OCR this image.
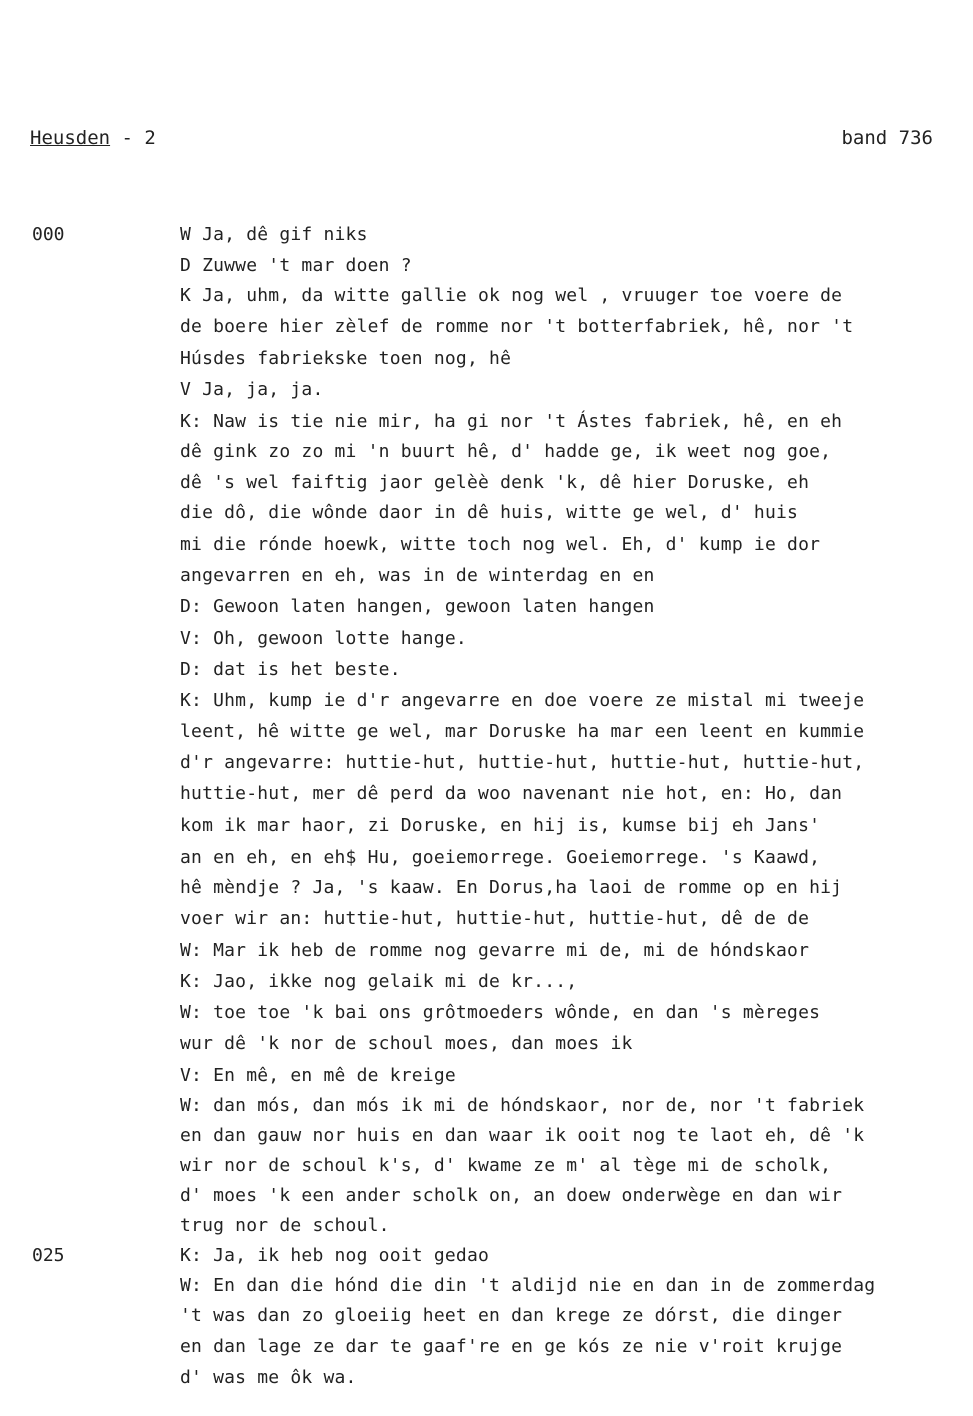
Heusden - 2	band 736
000
025
W Ja, dê gif niks
D Zuwwe 't mar doen ?
K Ja, uhm, da witte gallie ok nog wel , vruuger toe voere de
de boere hier zèlef de romme nor 't botterfabriek, hê, nor 't
Húsdes fabriekske toen nog, hê
V Ja, ja, ja.
K: Naw is tie nie mir, ha gi nor 't Ástes fabriek, hê, en eh
dê gink zo zo mi 'n buurt hê, d' hadde ge, ik weet nog goe,
dê 's wel faiftig jaor gelèè denk 'k, dê hier Doruske, eh
die dô, die wônde daor in dê huis, witte ge wel, d' huis
mi die rónde hoewk, witte toch nog wel. Eh, d' kump ie dor
angevarren en eh, was in de winterdag en en
D: Gewoon laten hangen, gewoon laten hangen
V: Oh, gewoon lotte hange.
D: dat is het beste.
K: Uhm, kump ie d'r angevarre en doe voere ze mistal mi tweeje
leent, hê witte ge wel, mar Doruske ha mar een leent en kummie
d'r angevarre: huttie-hut, huttie-hut, huttie-hut, huttie-hut,
huttie-hut, mer dê perd da woo navenant nie hot, en: Ho, dan
kom ik mar haor, zi Doruske, en hij is, kumse bij eh Jans'
an en eh, en eh$ Hu, goeiemorrege. Goeiemorrege. 's Kaawd,
hê mèndje ? Ja, 's kaaw. En Dorus,ha laoi de romme op en hij
voer wir an: huttie-hut, huttie-hut, huttie-hut, dê de de
W: Mar ik heb de romme nog gevarre mi de, mi de hóndskaor
K: Jao, ikke nog gelaik mi de kr...,
W: toe toe 'k bai ons grôtmoeders wônde, en dan 's mèreges
wur dê 'k nor de schoul moes, dan moes ik
V: En mê, en mê de kreige
W: dan mós, dan mós ik mi de hóndskaor, nor de, nor 't fabriek
en dan gauw nor huis en dan waar ik ooit nog te laot eh, dê 'k
wir nor de schoul k's, d' kwame ze m' al tège mi de scholk,
d' moes 'k een ander scholk on, an doew onderwège en dan wir
trug nor de schoul.
K: Ja, ik heb nog ooit gedao
W: En dan die hónd die din 't aldijd nie en dan in de zommerdag
't was dan zo gloeiig heet en dan krege ze dórst, die dinger
en dan lage ze dar te gaaf're en ge kós ze nie v'roit krujge
d' was me ôk wa.
